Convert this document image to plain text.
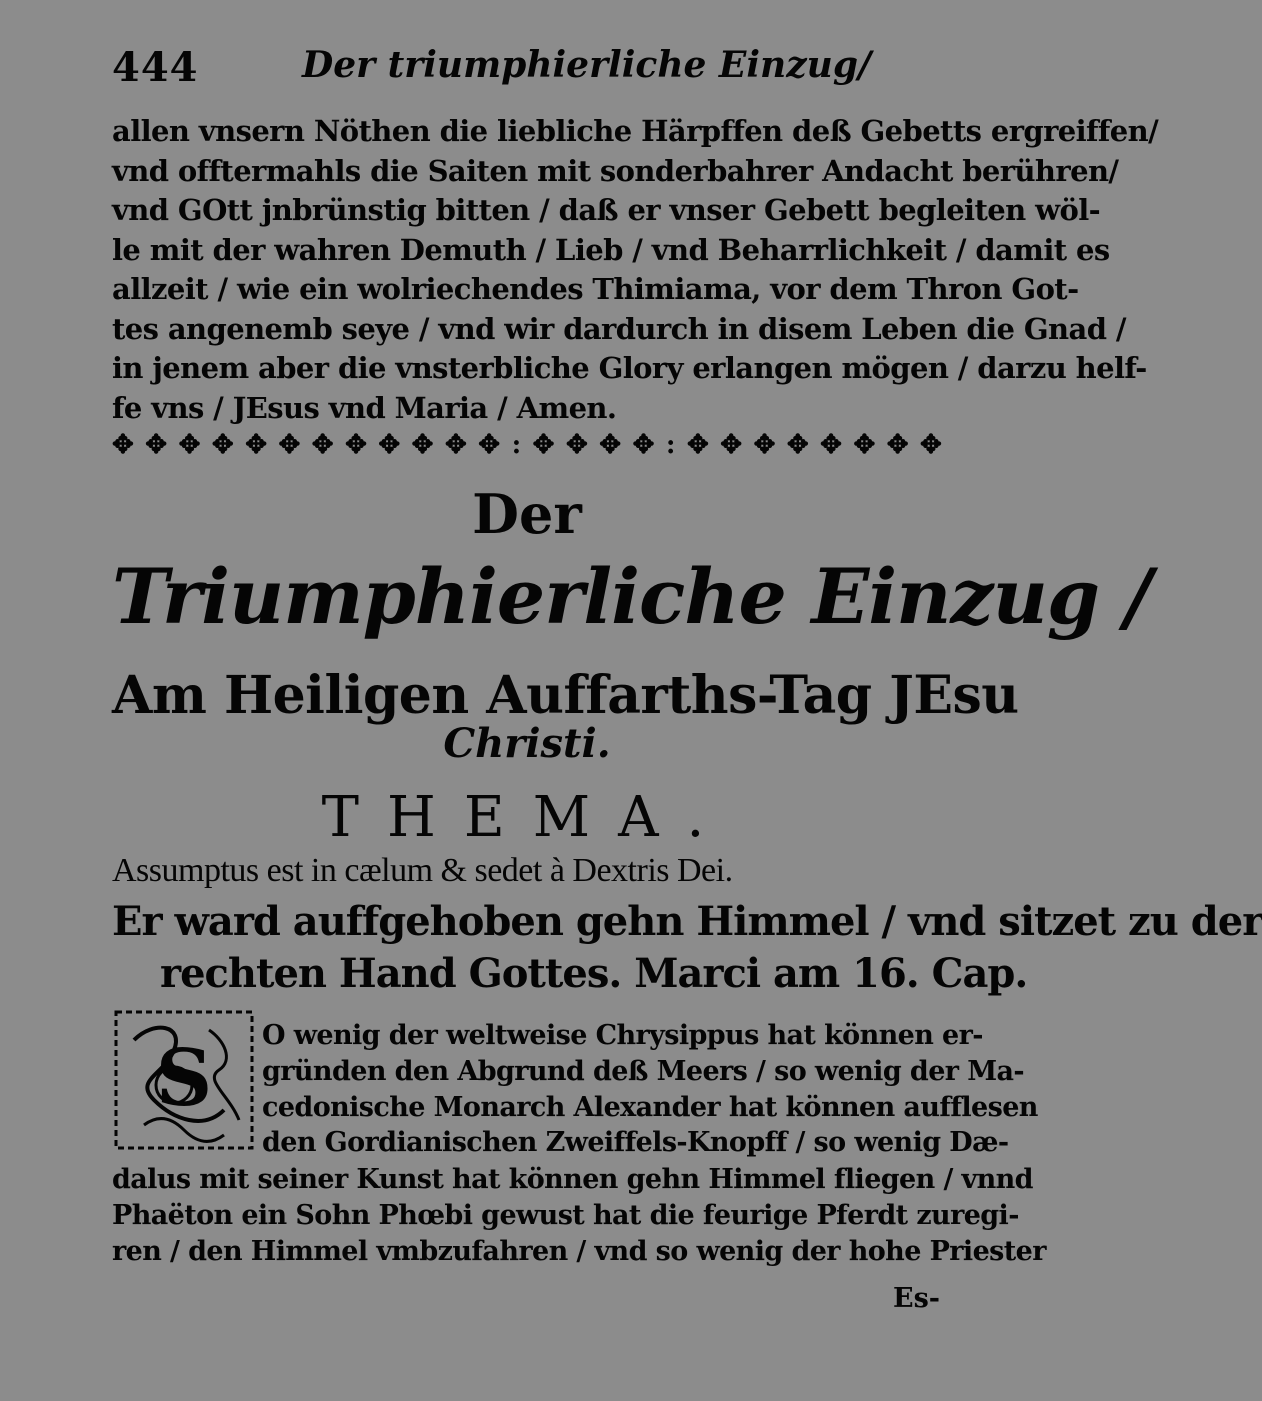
444	Der triumphierliche Einzug/
allen vnsern Nöthen die liebliche Härpffen deß Gebetts ergreiffen/
vnd offtermahls die Saiten mit sonderbahrer Andacht berühren/
vnd GOtt jnbrünstig bitten / daß er vnser Gebett begleiten wöl-
le mit der wahren Demuth / Lieb / vnd Beharrlichkeit / damit es
allzeit / wie ein wolriechendes Thimiama, vor dem Thron Got-
tes angenemb seye / vnd wir dardurch in disem Leben die Gnad /
in jenem aber die vnsterbliche Glory erlangen mögen / darzu helf-
fe vns / JEsus vnd Maria / Amen.
✥ ✥ ✥ ✥ ✥ ✥ ✥ ✥ ✥ ✥ ✥ ✥ : ✥ ✥ ✥ ✥ : ✥ ✥ ✥ ✥ ✥ ✥ ✥ ✥
Der
Triumphierliche Einzug /
Am Heiligen Auffarths-Tag JEsu
Christi.
THEMA.
Assumptus est in cælum & sedet à Dextris Dei.
Er ward auffgehoben gehn Himmel / vnd sitzet zu der
rechten Hand Gottes. Marci am 16. Cap.
S O wenig der weltweise Chrysippus hat können er-
gründen den Abgrund deß Meers / so wenig der Ma-
cedonische Monarch Alexander hat können aufflesen
den Gordianischen Zweiffels-Knopff / so wenig Dæ-
dalus mit seiner Kunst hat können gehn Himmel fliegen / vnnd
Phaëton ein Sohn Phœbi gewust hat die feurige Pferdt zuregi-
ren / den Himmel vmbzufahren / vnd so wenig der hohe Priester
Es-
